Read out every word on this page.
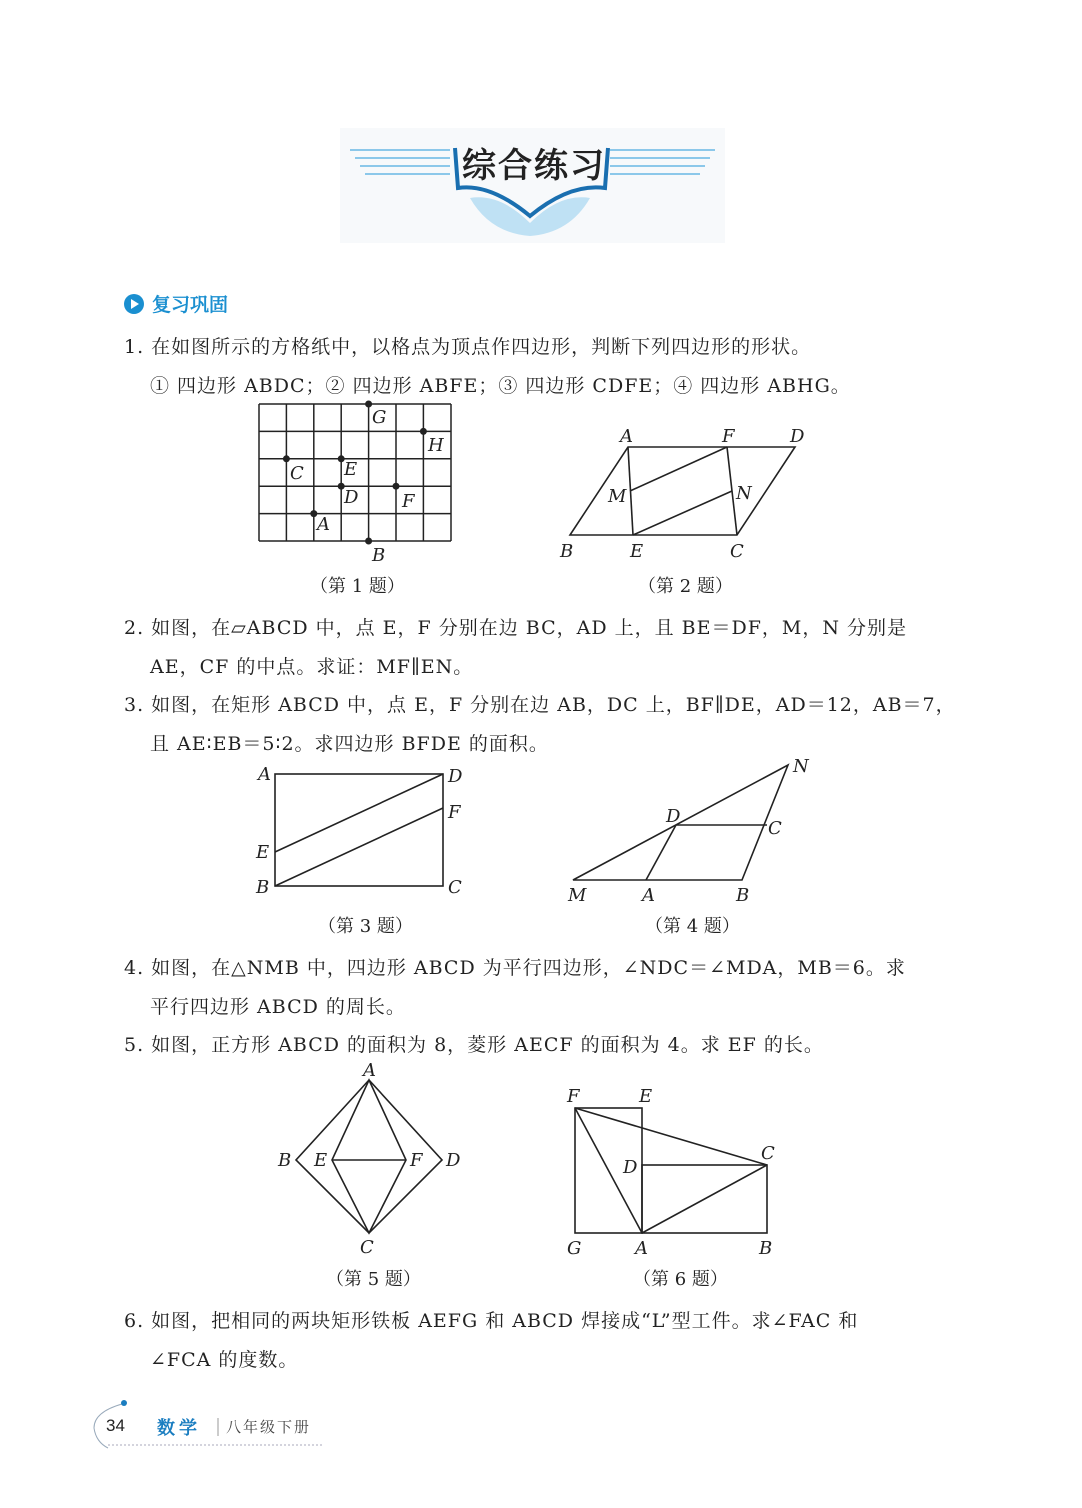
综合练习
复习巩固
1. 在如图所示的方格纸中，以格点为顶点作四边形，判断下列四边形的形状。
① 四边形 ABDC；② 四边形 ABFE；③ 四边形 CDFE；④ 四边形 ABHG。
G
H
C E
D F
A
B
（第 1 题）
A	F	D
M	N
B	E	C
（第 2 题）
2. 如图，在▱ABCD 中，点 E，F 分别在边 BC，AD 上，且 BE＝DF，M，N 分别是
AE，CF 的中点。求证：MF∥EN。
3. 如图，在矩形 ABCD 中，点 E，F 分别在边 AB，DC 上，BF∥DE，AD＝12，AB＝7，
且 AE∶EB＝5∶2。求四边形 BFDE 的面积。
A	D
F
E
B	C
（第 3 题）
N
D
C
M	A	B
（第 4 题）
4. 如图，在△NMB 中，四边形 ABCD 为平行四边形，∠NDC＝∠MDA，MB＝6。求
平行四边形 ABCD 的周长。
5. 如图，正方形 ABCD 的面积为 8，菱形 AECF 的面积为 4。求 EF 的长。
A
B E	F D
C
（第 5 题）
F	E
C
D
G	A	B
（第 6 题）
6. 如图，把相同的两块矩形铁板 AEFG 和 ABCD 焊接成“L”型工件。求∠FAC 和
∠FCA 的度数。
34 数学 八年级下册
